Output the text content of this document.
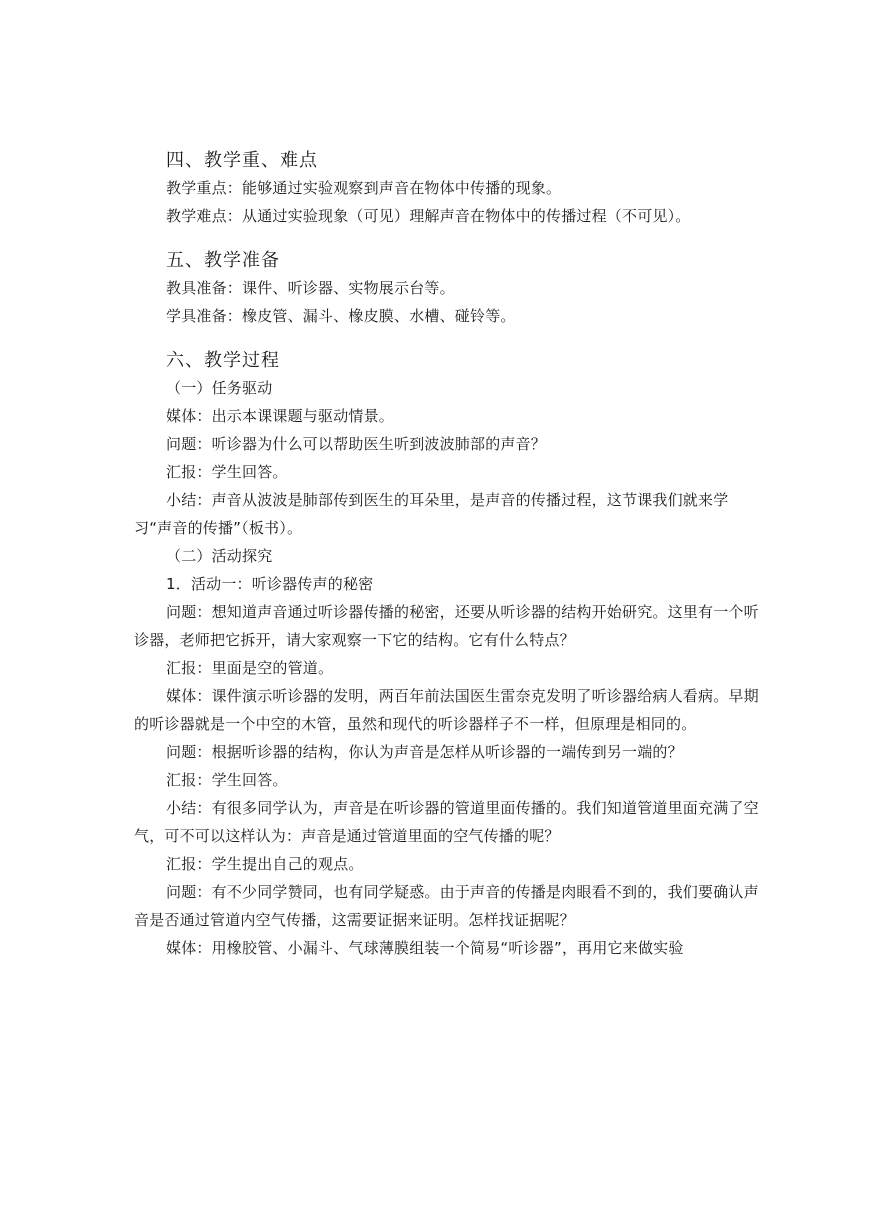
四、教学重、难点

教学重点：能够通过实验观察到声音在物体中传播的现象。

教学难点：从通过实验现象（可见）理解声音在物体中的传播过程（不可见）。

五、教学准备

教具准备：课件、听诊器、实物展示台等。

学具准备：橡皮管、漏斗、橡皮膜、水槽、碰铃等。

六、教学过程

（一）任务驱动

媒体：出示本课课题与驱动情景。

问题：听诊器为什么可以帮助医生听到波波肺部的声音？

汇报：学生回答。

小结：声音从波波是肺部传到医生的耳朵里，是声音的传播过程，这节课我们就来学习“声音的传播”（板书）。

（二）活动探究

1．活动一：听诊器传声的秘密

问题：想知道声音通过听诊器传播的秘密，还要从听诊器的结构开始研究。这里有一个听诊器，老师把它拆开，请大家观察一下它的结构。它有什么特点？

汇报：里面是空的管道。

媒体：课件演示听诊器的发明，两百年前法国医生雷奈克发明了听诊器给病人看病。早期的听诊器就是一个中空的木管，虽然和现代的听诊器样子不一样，但原理是相同的。

问题：根据听诊器的结构，你认为声音是怎样从听诊器的一端传到另一端的？

汇报：学生回答。

小结：有很多同学认为，声音是在听诊器的管道里面传播的。我们知道管道里面充满了空气，可不可以这样认为：声音是通过管道里面的空气传播的呢？

汇报：学生提出自己的观点。

问题：有不少同学赞同，也有同学疑惑。由于声音的传播是肉眼看不到的，我们要确认声音是否通过管道内空气传播，这需要证据来证明。怎样找证据呢？

媒体：用橡胶管、小漏斗、气球薄膜组装一个简易“听诊器”，再用它来做实验
